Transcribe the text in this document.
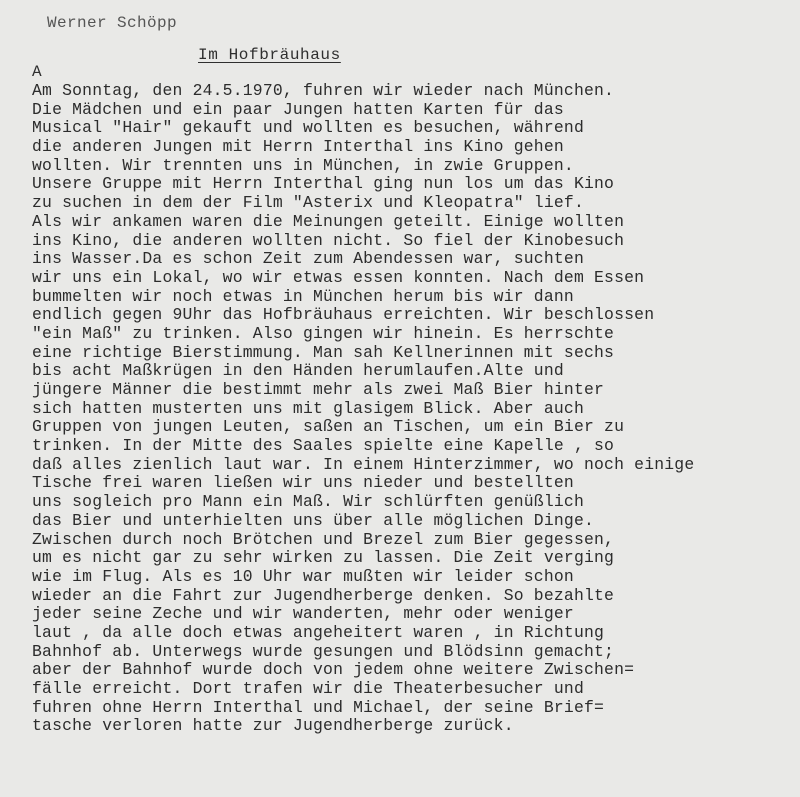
Werner Schöpp
Im Hofbräuhaus
A
Am Sonntag, den 24.5.1970, fuhren wir wieder nach München.
Die Mädchen und ein paar Jungen hatten Karten für das
Musical "Hair" gekauft und wollten es besuchen, während
die anderen Jungen mit Herrn Interthal ins Kino gehen
wollten. Wir trennten uns in München, in zwie Gruppen.
Unsere Gruppe mit Herrn Interthal ging nun los um das Kino
zu suchen in dem der Film "Asterix und Kleopatra" lief.
Als wir ankamen waren die Meinungen geteilt. Einige wollten
ins Kino, die anderen wollten nicht. So fiel der Kinobesuch
ins Wasser.Da es schon Zeit zum Abendessen war, suchten
wir uns ein Lokal, wo wir etwas essen konnten. Nach dem Essen
bummelten wir noch etwas in München herum bis wir dann
endlich gegen 9Uhr das Hofbräuhaus erreichten. Wir beschlossen
"ein Maß" zu trinken. Also gingen wir hinein. Es herrschte
eine richtige Bierstimmung. Man sah Kellnerinnen mit sechs
bis acht Maßkrügen in den Händen herumlaufen.Alte und
jüngere Männer die bestimmt mehr als zwei Maß Bier hinter
sich hatten musterten uns mit glasigem Blick. Aber auch
Gruppen von jungen Leuten, saßen an Tischen, um ein Bier zu
trinken. In der Mitte des Saales spielte eine Kapelle , so
daß alles zienlich laut war. In einem Hinterzimmer, wo noch einige
Tische frei waren ließen wir uns nieder und bestellten
uns sogleich pro Mann ein Maß. Wir schlürften genüßlich
das Bier und unterhielten uns über alle möglichen Dinge.
Zwischen durch noch Brötchen und Brezel zum Bier gegessen,
um es nicht gar zu sehr wirken zu lassen. Die Zeit verging
wie im Flug. Als es 10 Uhr war mußten wir leider schon
wieder an die Fahrt zur Jugendherberge denken. So bezahlte
jeder seine Zeche und wir wanderten, mehr oder weniger
laut , da alle doch etwas angeheitert waren , in Richtung
Bahnhof ab. Unterwegs wurde gesungen und Blödsinn gemacht;
aber der Bahnhof wurde doch von jedem ohne weitere Zwischen=
fälle erreicht. Dort trafen wir die Theaterbesucher und
fuhren ohne Herrn Interthal und Michael, der seine Brief=
tasche verloren hatte zur Jugendherberge zurück.
